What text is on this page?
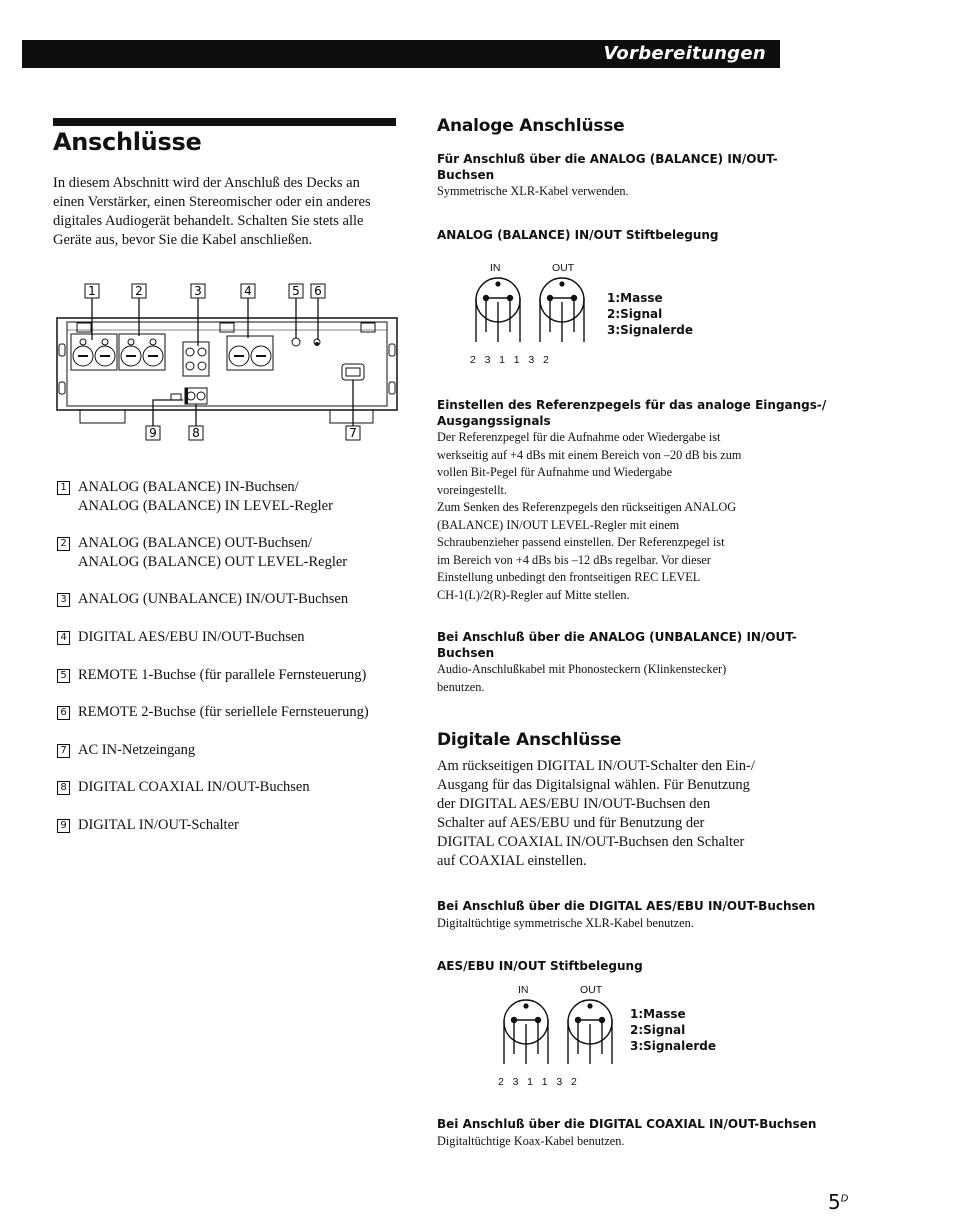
Vorbereitungen
Anschlüsse
In diesem Abschnitt wird der Anschluß des Decks an
einen Verstärker, einen Stereomischer oder ein anderes
digitales Audiogerät behandelt. Schalten Sie stets alle
Geräte aus, bevor Sie die Kabel anschließen.
1	2	3	4	5 6
9	8	7
1 ANALOG (BALANCE) IN-Buchsen/
ANALOG (BALANCE) IN LEVEL-Regler
2 ANALOG (BALANCE) OUT-Buchsen/
ANALOG (BALANCE) OUT LEVEL-Regler
3 ANALOG (UNBALANCE) IN/OUT-Buchsen
4 DIGITAL AES/EBU IN/OUT-Buchsen
5 REMOTE 1-Buchse (für parallele Fernsteuerung)
6 REMOTE 2-Buchse (für seriellele Fernsteuerung)
7 AC IN-Netzeingang
8 DIGITAL COAXIAL IN/OUT-Buchsen
9 DIGITAL IN/OUT-Schalter
Analoge Anschlüsse
Für Anschluß über die ANALOG (BALANCE) IN/OUT-
Buchsen
Symmetrische XLR-Kabel verwenden.
ANALOG (BALANCE) IN/OUT Stiftbelegung
IN	OUT
2   3   1   1   3   2
1:Masse
2:Signal
3:Signalerde
Einstellen des Referenzpegels für das analoge Eingangs-/
Ausgangssignals
Der Referenzpegel für die Aufnahme oder Wiedergabe ist
werkseitig auf +4 dBs mit einem Bereich von –20 dB bis zum
vollen Bit-Pegel für Aufnahme und Wiedergabe
voreingestellt.
Zum Senken des Referenzpegels den rückseitigen ANALOG
(BALANCE) IN/OUT LEVEL-Regler mit einem
Schraubenzieher passend einstellen. Der Referenzpegel ist
im Bereich von +4 dBs bis –12 dBs regelbar. Vor dieser
Einstellung unbedingt den frontseitigen REC LEVEL
CH-1(L)/2(R)-Regler auf Mitte stellen.
Bei Anschluß über die ANALOG (UNBALANCE) IN/OUT-
Buchsen
Audio-Anschlußkabel mit Phonosteckern (Klinkenstecker)
benutzen.
Digitale Anschlüsse
Am rückseitigen DIGITAL IN/OUT-Schalter den Ein-/
Ausgang für das Digitalsignal wählen. Für Benutzung
der DIGITAL AES/EBU IN/OUT-Buchsen den
Schalter auf AES/EBU und für Benutzung der
DIGITAL COAXIAL IN/OUT-Buchsen den Schalter
auf COAXIAL einstellen.
Bei Anschluß über die DIGITAL AES/EBU IN/OUT-Buchsen
Digitaltüchtige symmetrische XLR-Kabel benutzen.
AES/EBU IN/OUT Stiftbelegung
IN	OUT
2   3   1   1   3   2
1:Masse
2:Signal
3:Signalerde
Bei Anschluß über die DIGITAL COAXIAL IN/OUT-Buchsen
Digitaltüchtige Koax-Kabel benutzen.
$5^D$
